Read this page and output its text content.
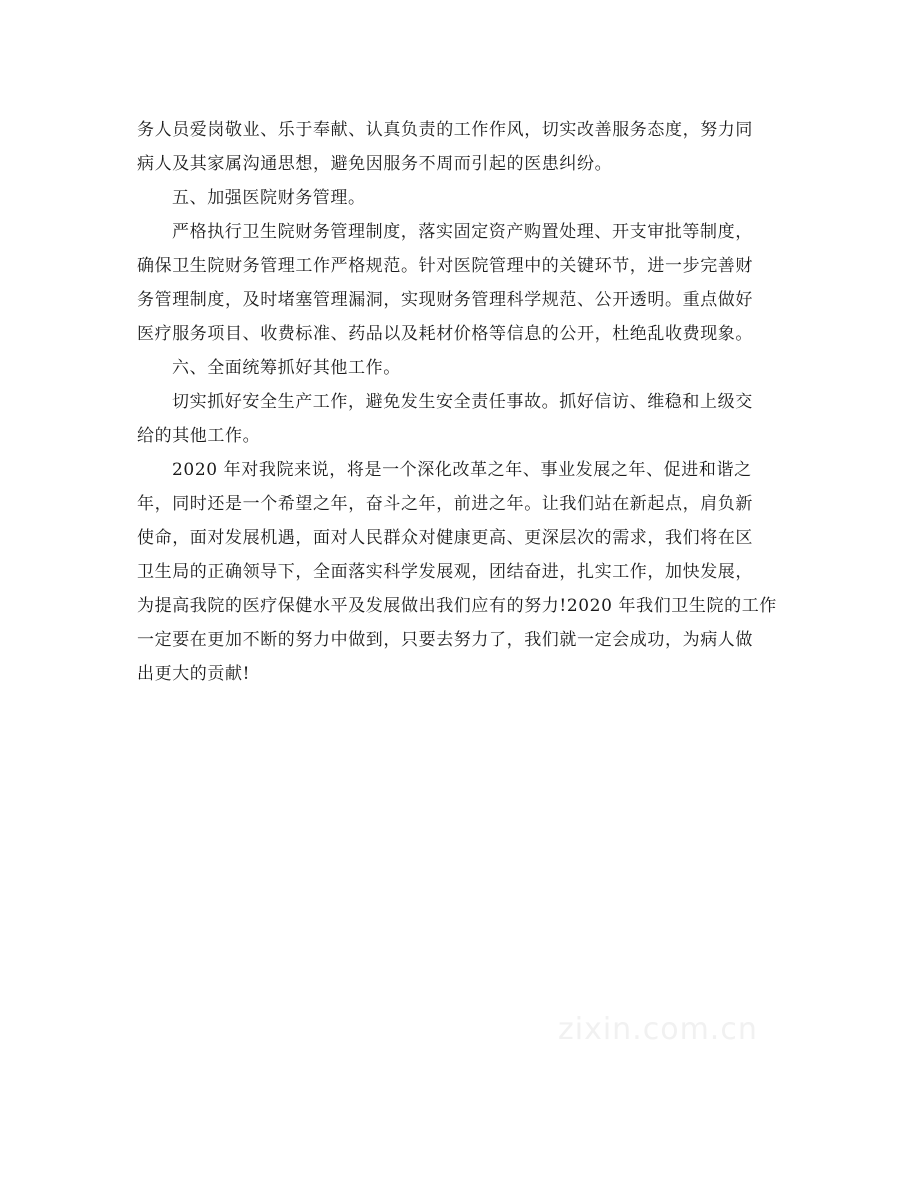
务人员爱岗敬业、乐于奉献、认真负责的工作作风，切实改善服务态度，努力同
病人及其家属沟通思想，避免因服务不周而引起的医患纠纷。
五、加强医院财务管理。
严格执行卫生院财务管理制度，落实固定资产购置处理、开支审批等制度，
确保卫生院财务管理工作严格规范。针对医院管理中的关键环节，进一步完善财
务管理制度，及时堵塞管理漏洞，实现财务管理科学规范、公开透明。重点做好
医疗服务项目、收费标准、药品以及耗材价格等信息的公开，杜绝乱收费现象。
六、全面统筹抓好其他工作。
切实抓好安全生产工作，避免发生安全责任事故。抓好信访、维稳和上级交
给的其他工作。
2020 年对我院来说，将是一个深化改革之年、事业发展之年、促进和谐之
年，同时还是一个希望之年，奋斗之年，前进之年。让我们站在新起点，肩负新
使命，面对发展机遇，面对人民群众对健康更高、更深层次的需求，我们将在区
卫生局的正确领导下，全面落实科学发展观，团结奋进，扎实工作，加快发展，
为提高我院的医疗保健水平及发展做出我们应有的努力!2020 年我们卫生院的工作
一定要在更加不断的努力中做到，只要去努力了，我们就一定会成功，为病人做
出更大的贡献!
zixin.com.cn
